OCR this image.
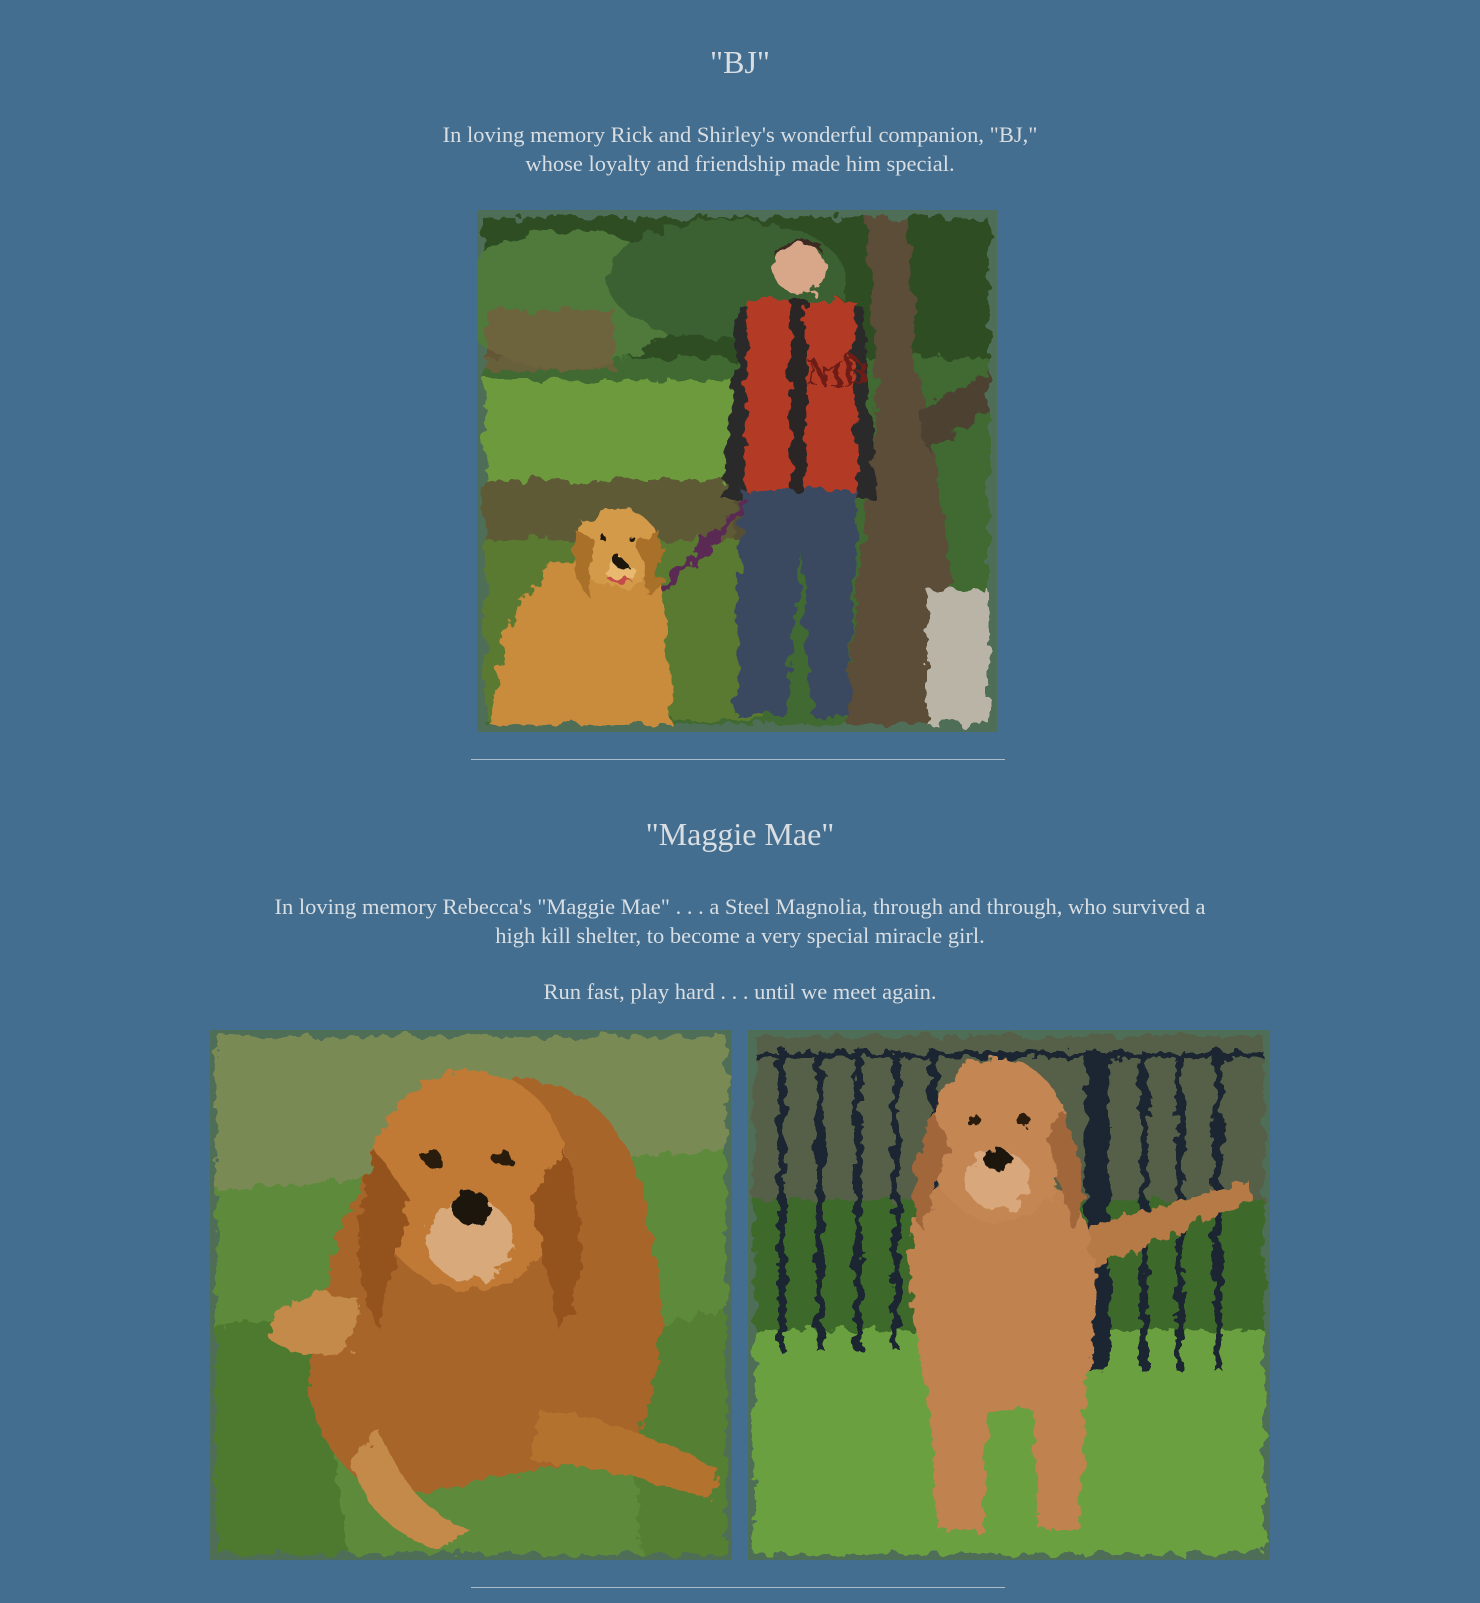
"BJ"

In loving memory Rick and Shirley's wonderful companion, "BJ,"

whose loyalty and friendship made him special.

MB
"Maggie Mae"

In loving memory Rebecca's "Maggie Mae" . . . a Steel Magnolia, through and through, who survived a

high kill shelter, to become a very special miracle girl.

Run fast, play hard . . . until we meet again.
